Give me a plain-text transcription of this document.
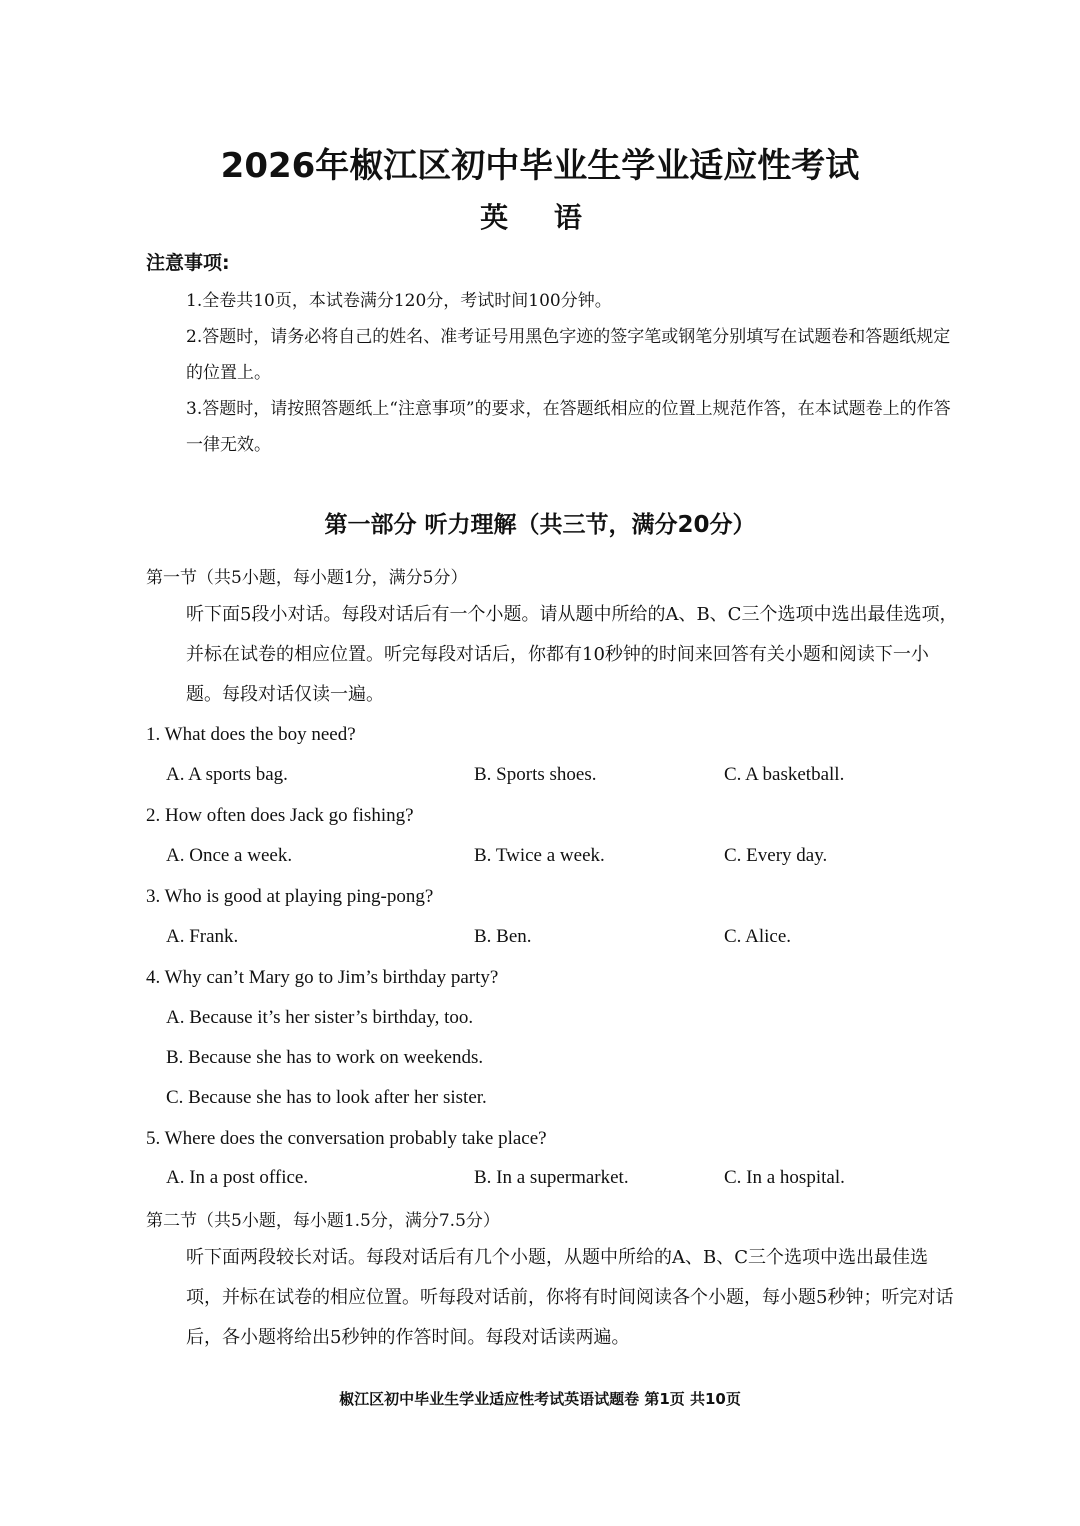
2026年椒江区初中毕业生学业适应性考试
英 语
注意事项:
1.全卷共10页，本试卷满分120分，考试时间100分钟。
2.答题时，请务必将自己的姓名、准考证号用黑色字迹的签字笔或钢笔分别填写在试题卷和答题纸规定的位置上。
3.答题时，请按照答题纸上“注意事项”的要求，在答题纸相应的位置上规范作答，在本试题卷上的作答一律无效。
第一部分 听力理解（共三节，满分20分）
第一节（共5小题，每小题1分，满分5分）
听下面5段小对话。每段对话后有一个小题。请从题中所给的A、B、C三个选项中选出最佳选项，并标在试卷的相应位置。听完每段对话后，你都有10秒钟的时间来回答有关小题和阅读下一小题。每段对话仅读一遍。
1. What does the boy need?
A. A sports bag.	B. Sports shoes.	C. A basketball.
2. How often does Jack go fishing?
A. Once a week.	B. Twice a week.	C. Every day.
3. Who is good at playing ping-pong?
A. Frank.	B. Ben.	C. Alice.
4. Why can’t Mary go to Jim’s birthday party?
A. Because it’s her sister’s birthday, too.
B. Because she has to work on weekends.
C. Because she has to look after her sister.
5. Where does the conversation probably take place?
A. In a post office.	B. In a supermarket.	C. In a hospital.
第二节（共5小题，每小题1.5分，满分7.5分）
听下面两段较长对话。每段对话后有几个小题，从题中所给的A、B、C三个选项中选出最佳选项，并标在试卷的相应位置。听每段对话前，你将有时间阅读各个小题，每小题5秒钟；听完对话后，各小题将给出5秒钟的作答时间。每段对话读两遍。
椒江区初中毕业生学业适应性考试英语试题卷 第1页 共10页
